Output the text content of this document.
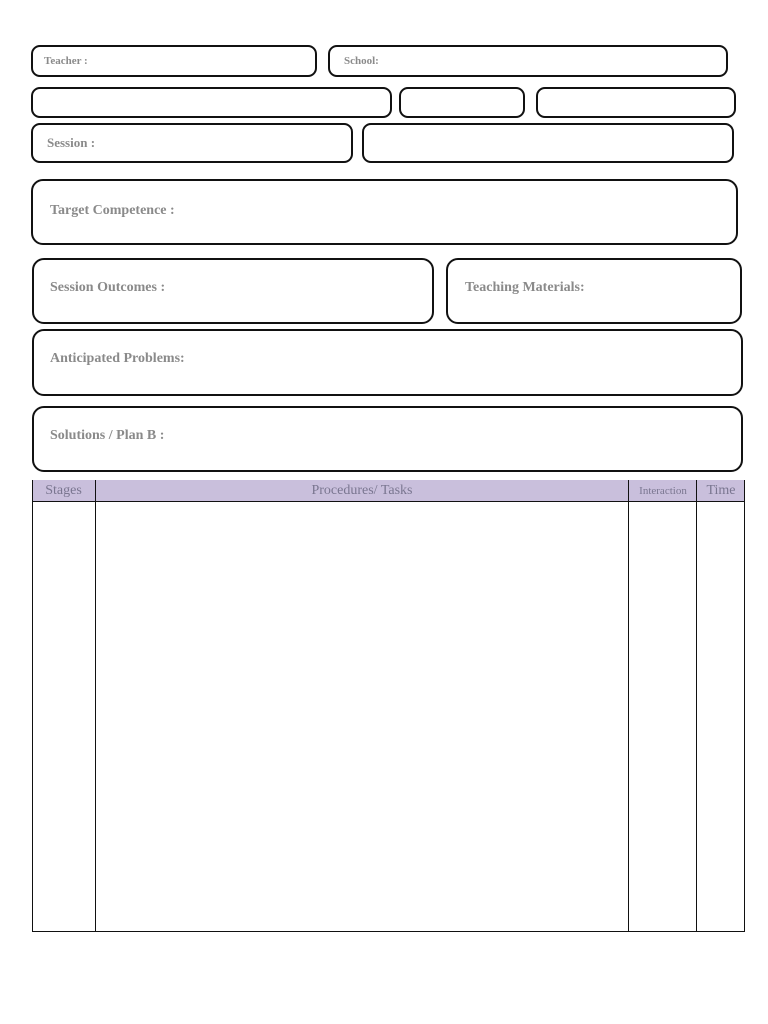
Teacher :	School:
Session :
Target Competence :
Session Outcomes :	Teaching Materials:
Anticipated Problems:
Solutions / Plan B :
Stages	Procedures/ Tasks	Interaction	Time
